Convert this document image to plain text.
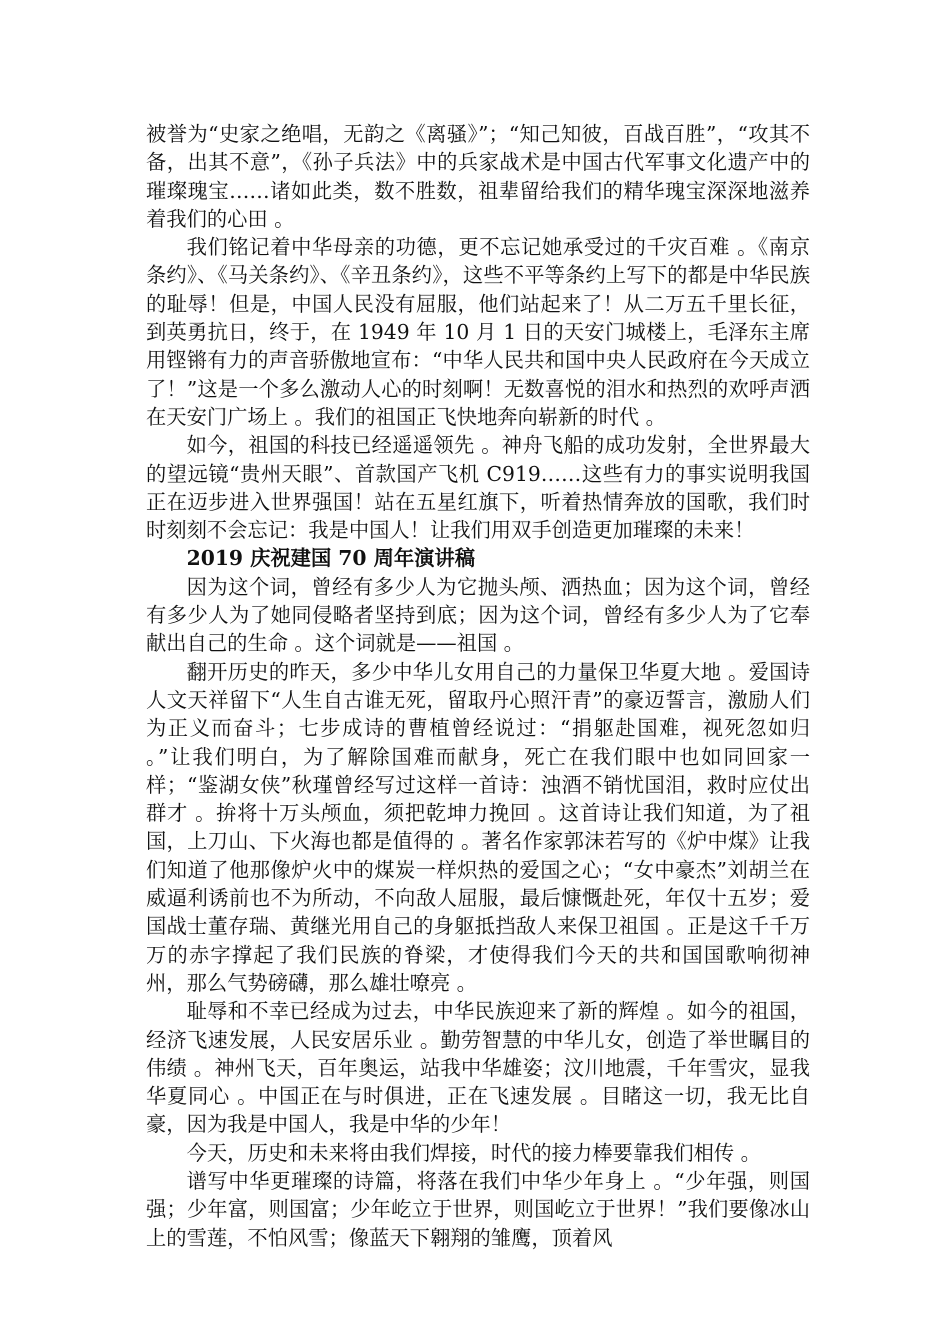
被誉为“史家之绝唱，无韵之《离骚》”；“知己知彼，百战百胜”，“攻其不备，出其不意”，《孙子兵法》中的兵家战术是中国古代军事文化遗产中的璀璨瑰宝……诸如此类，数不胜数，祖辈留给我们的精华瑰宝深深地滋养着我们的心田 。

我们铭记着中华母亲的功德，更不忘记她承受过的千灾百难 。《南京条约》、《马关条约》、《辛丑条约》，这些不平等条约上写下的都是中华民族的耻辱！但是，中国人民没有屈服，他们站起来了！从二万五千里长征，到英勇抗日，终于，在 1949 年 10 月 1 日的天安门城楼上，毛泽东主席用铿锵有力的声音骄傲地宣布：“中华人民共和国中央人民政府在今天成立了！”这是一个多么激动人心的时刻啊！无数喜悦的泪水和热烈的欢呼声洒在天安门广场上 。我们的祖国正飞快地奔向崭新的时代 。

如今，祖国的科技已经遥遥领先 。神舟飞船的成功发射，全世界最大的望远镜“贵州天眼”、首款国产飞机 C919……这些有力的事实说明我国正在迈步进入世界强国！站在五星红旗下，听着热情奔放的国歌，我们时时刻刻不会忘记：我是中国人！让我们用双手创造更加璀璨的未来！

2019 庆祝建国 70 周年演讲稿

因为这个词，曾经有多少人为它抛头颅、洒热血；因为这个词，曾经有多少人为了她同侵略者坚持到底；因为这个词，曾经有多少人为了它奉献出自己的生命 。这个词就是——祖国 。

翻开历史的昨天，多少中华儿女用自己的力量保卫华夏大地 。爱国诗人文天祥留下“人生自古谁无死，留取丹心照汗青”的豪迈誓言，激励人们为正义而奋斗；七步成诗的曹植曾经说过：“捐躯赴国难，视死忽如归 。”让我们明白，为了解除国难而献身，死亡在我们眼中也如同回家一样；“鉴湖女侠”秋瑾曾经写过这样一首诗：浊酒不销忧国泪，救时应仗出群才 。拚将十万头颅血，须把乾坤力挽回 。这首诗让我们知道，为了祖国，上刀山、下火海也都是值得的 。著名作家郭沫若写的《炉中煤》让我们知道了他那像炉火中的煤炭一样炽热的爱国之心；“女中豪杰”刘胡兰在威逼利诱前也不为所动，不向敌人屈服，最后慷慨赴死，年仅十五岁；爱国战士董存瑞、黄继光用自己的身躯抵挡敌人来保卫祖国 。正是这千千万万的赤字撑起了我们民族的脊梁，才使得我们今天的共和国国歌响彻神州，那么气势磅礴，那么雄壮嘹亮 。

耻辱和不幸已经成为过去，中华民族迎来了新的辉煌 。如今的祖国，经济飞速发展，人民安居乐业 。勤劳智慧的中华儿女，创造了举世瞩目的伟绩 。神州飞天，百年奥运，站我中华雄姿；汶川地震，千年雪灾，显我华夏同心 。中国正在与时俱进，正在飞速发展 。目睹这一切，我无比自豪，因为我是中国人，我是中华的少年！

今天，历史和未来将由我们焊接，时代的接力棒要靠我们相传 。

谱写中华更璀璨的诗篇，将落在我们中华少年身上 。“少年强，则国强；少年富，则国富；少年屹立于世界，则国屹立于世界！”我们要像冰山上的雪莲，不怕风雪；像蓝天下翱翔的雏鹰，顶着风
